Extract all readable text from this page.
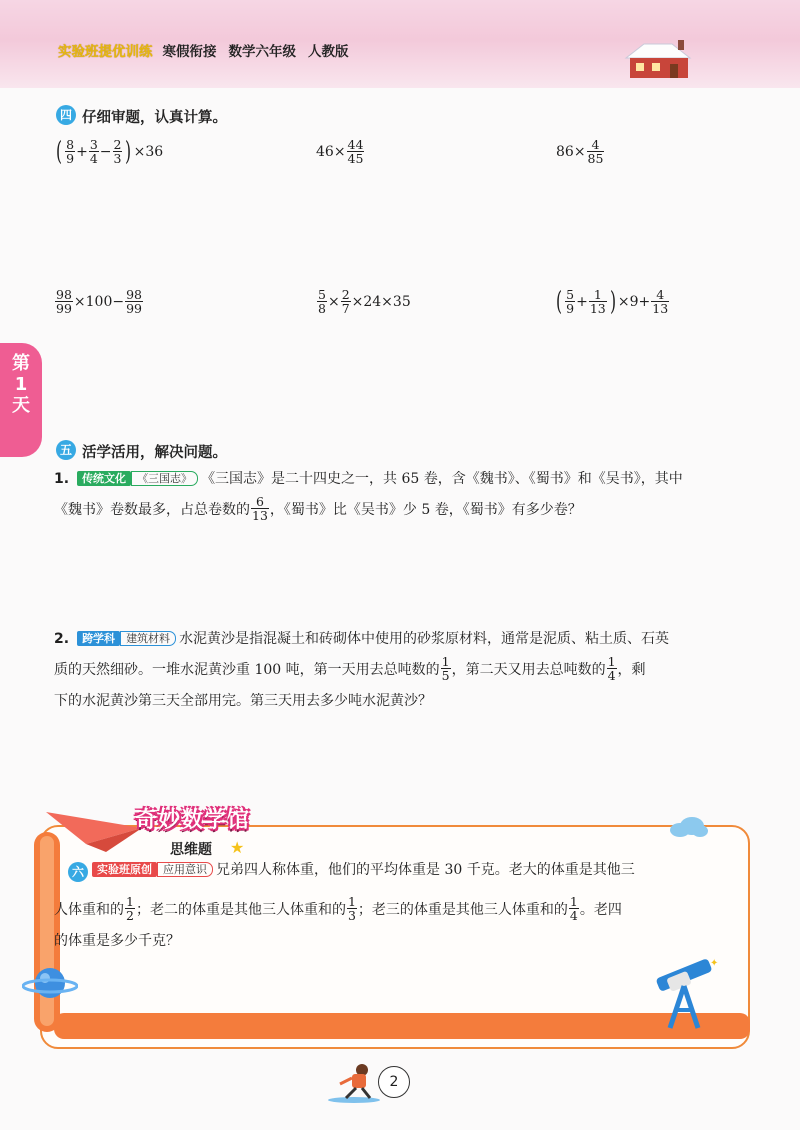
实验班提优训练 寒假衔接 数学六年级 人教版
第1天
四 仔细审题，认真计算。
( $\frac{8}{9} + \frac{3}{4} - \frac{2}{3}$ ) ×36	$46\times \frac{44}{45}$	$86\times \frac{4}{85}$
$\frac{98}{99} \times 100- \frac{98}{99}$	$\frac{5}{8} \times \frac{2}{7} \times 24\times 35$	( $\frac{5}{9} + \frac{1}{13}$ ) $\times 9+ \frac{4}{13}$
五 活学活用，解决问题。
1. 传统文化 《三国志》 《三国志》是二十四史之一，共 65 卷，含《魏书》、《蜀书》和《吴书》，其中
《魏书》卷数最多，占总卷数的 $\frac{6}{13}$ ，《蜀书》比《吴书》少 5 卷，《蜀书》有多少卷？
2. 跨学科 建筑材料 水泥黄沙是指混凝土和砖砌体中使用的砂浆原材料，通常是泥质、粘土质、石英
质的天然细砂。一堆水泥黄沙重 100 吨，第一天用去总吨数的 $\frac{1}{5}$ ，第二天又用去总吨数的 $\frac{1}{4}$ ，剩
下的水泥黄沙第三天全部用完。第三天用去多少吨水泥黄沙？
奇妙数学馆
思维题 ★
六	实验班原创 应用意识 兄弟四人称体重，他们的平均体重是 30 千克。老大的体重是其他三
人体重和的 $\frac{1}{2}$ ；老二的体重是其他三人体重和的 $\frac{1}{3}$ ；老三的体重是其他三人体重和的 $\frac{1}{4}$ 。老四
的体重是多少千克？
✦
2
